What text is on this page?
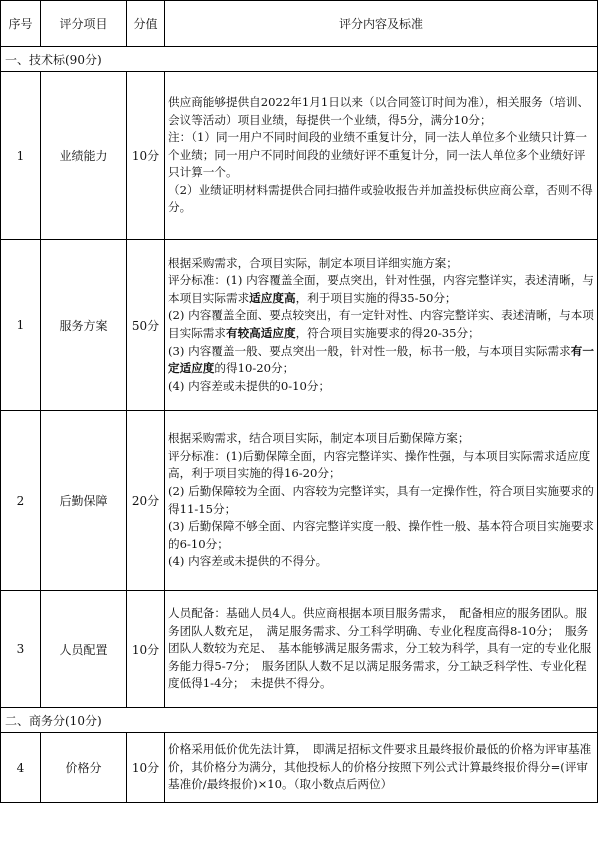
序号	评分项目	分值	评分内容及标准
一、技术标(90分)			
1	业绩能力	10分	供应商能够提供自2022年1月1日以来（以合同签订时间为准），相关服务（培训、会议等活动）项目业绩，每提供一个业绩，得5分，满分10分；

注：（1）同一用户不同时间段的业绩不重复计分，同一法人单位多个业绩只计算一个业绩；同一用户不同时间段的业绩好评不重复计分，同一法人单位多个业绩好评只计算一个。

（2）业绩证明材料需提供合同扫描件或验收报告并加盖投标供应商公章，否则不得分。

1	服务方案	50分	根据采购需求，合项目实际，制定本项目详细实施方案；

评分标准：(1) 内容覆盖全面，要点突出，针对性强，内容完整详实，表述清晰，与本项目实际需求适应度高，利于项目实施的得35-50分；

(2) 内容覆盖全面、要点较突出，有一定针对性、内容完整详实、表述清晰，与本项目实际需求有较高适应度，符合项目实施要求的得20-35分；

(3) 内容覆盖一般、要点突出一般，针对性一般，标书一般，与本项目实际需求有一定适应度的得10-20分；

(4) 内容差或未提供的0-10分；

2	后勤保障	20分	根据采购需求，结合项目实际，制定本项目后勤保障方案；

评分标准：(1)后勤保障全面，内容完整详实、操作性强，与本项目实际需求适应度高，利于项目实施的得16-20分；

(2) 后勤保障较为全面、内容较为完整详实，具有一定操作性，符合项目实施要求的得11-15分；

(3) 后勤保障不够全面、内容完整详实度一般、操作性一般、基本符合项目实施要求的6-10分；

(4) 内容差或未提供的不得分。

3	人员配置	10分	人员配备：基础人员4人。供应商根据本项目服务需求，　配备相应的服务团队。服务团队人数充足，　满足服务需求、分工科学明确、专业化程度高得8-10分；　服务团队人数较为充足、　基本能够满足服务需求，分工较为科学，具有一定的专业化服务能力得5-7分；　服务团队人数不足以满足服务需求，分工缺乏科学性、专业化程度低得1-4分；　未提供不得分。

二、商务分(10分)			
4	价格分	10分	价格采用低价优先法计算，　即满足招标文件要求且最终报价最低的价格为评审基准价，其价格分为满分，其他投标人的价格分按照下列公式计算最终报价得分=(评审基准价/最终报价)×10。（取小数点后两位）
